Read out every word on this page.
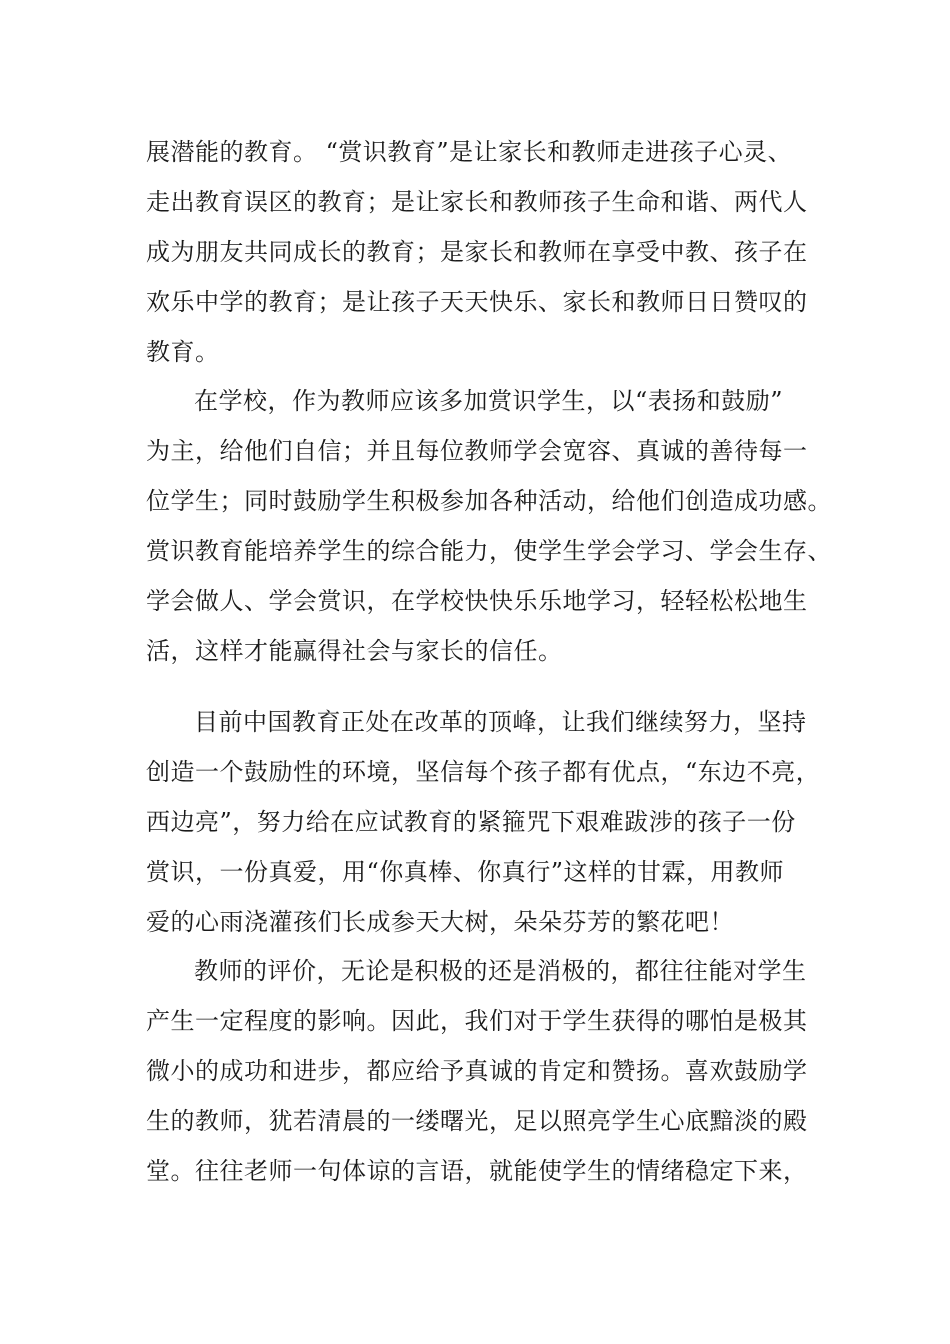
展潜能的教育。 “赏识教育”是让家长和教师走进孩子心灵、
走出教育误区的教育；是让家长和教师孩子生命和谐、两代人
成为朋友共同成长的教育；是家长和教师在享受中教、孩子在
欢乐中学的教育；是让孩子天天快乐、家长和教师日日赞叹的
教育。
在学校，作为教师应该多加赏识学生，以“表扬和鼓励”
为主，给他们自信；并且每位教师学会宽容、真诚的善待每一
位学生；同时鼓励学生积极参加各种活动，给他们创造成功感。
赏识教育能培养学生的综合能力，使学生学会学习、学会生存、
学会做人、学会赏识，在学校快快乐乐地学习，轻轻松松地生
活，这样才能赢得社会与家长的信任。
目前中国教育正处在改革的顶峰，让我们继续努力，坚持
创造一个鼓励性的环境，坚信每个孩子都有优点，“东边不亮，
西边亮”，努力给在应试教育的紧箍咒下艰难跋涉的孩子一份
赏识，一份真爱，用“你真棒、你真行”这样的甘霖，用教师
爱的心雨浇灌孩们长成参天大树，朵朵芬芳的繁花吧！
教师的评价，无论是积极的还是消极的，都往往能对学生
产生一定程度的影响。因此，我们对于学生获得的哪怕是极其
微小的成功和进步，都应给予真诚的肯定和赞扬。喜欢鼓励学
生的教师，犹若清晨的一缕曙光，足以照亮学生心底黯淡的殿
堂。往往老师一句体谅的言语，就能使学生的情绪稳定下来，
